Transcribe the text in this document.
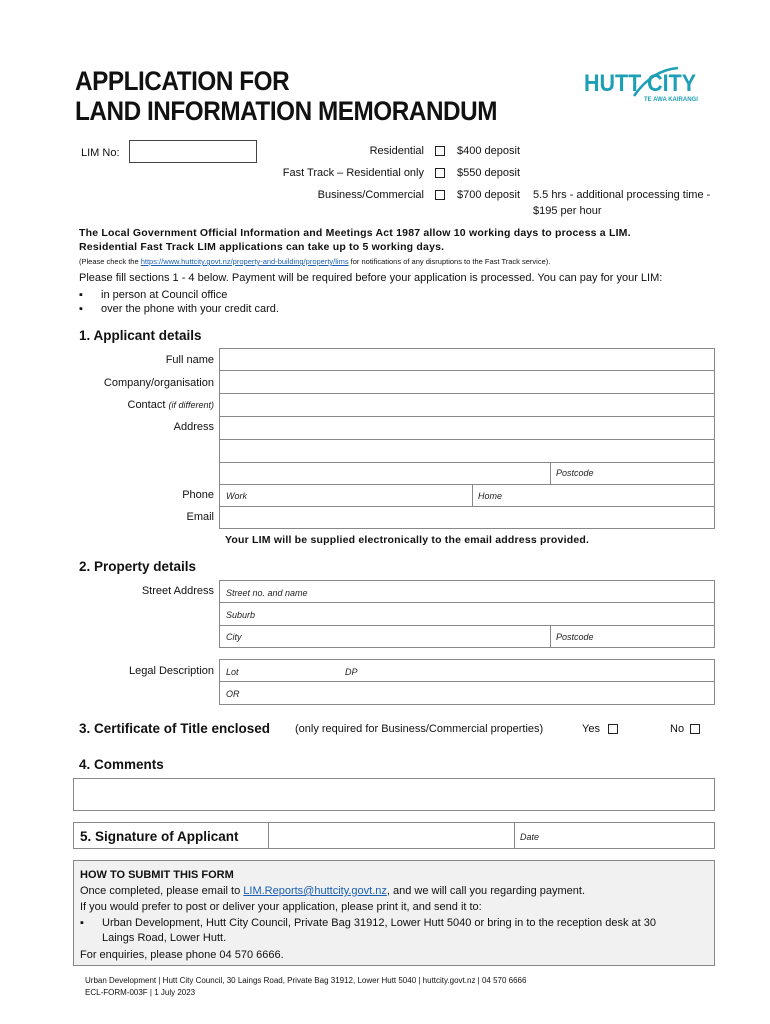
APPLICATION FOR
LAND INFORMATION MEMORANDUM
HUTT CITY
TE AWA KAIRANGI
LIM No:	Residential	$400 deposit
Fast Track – Residential only	$550 deposit
Business/Commercial	$700 deposit 5.5 hrs - additional processing time -
$195 per hour
The Local Government Official Information and Meetings Act 1987 allow 10 working days to process a LIM.
Residential Fast Track LIM applications can take up to 5 working days.
(Please check the https://www.huttcity.govt.nz/property-and-building/property/lims for notifications of any disruptions to the Fast Track service).
Please fill sections 1 - 4 below. Payment will be required before your application is processed. You can pay for your LIM:
▪ in person at Council office
▪ over the phone with your credit card.
1. Applicant details
Full name
Company/organisation
Contact (if different)
Address
Postcode
Phone Work	Home
Email
Your LIM will be supplied electronically to the email address provided.
2. Property details
Street Address Street no. and name
Suburb
City	Postcode
Legal Description Lot	DP
OR
3. Certificate of Title enclosed (only required for Business/Commercial properties)	Yes	No
4. Comments
5. Signature of Applicant	Date
HOW TO SUBMIT THIS FORM
Once completed, please email to LIM.Reports@huttcity.govt.nz, and we will call you regarding payment.
If you would prefer to post or deliver your application, please print it, and send it to:
▪ Urban Development, Hutt City Council, Private Bag 31912, Lower Hutt 5040 or bring in to the reception desk at 30
Laings Road, Lower Hutt.
For enquiries, please phone 04 570 6666.
Urban Development | Hutt City Council, 30 Laings Road, Private Bag 31912, Lower Hutt 5040 | huttcity.govt.nz | 04 570 6666
ECL-FORM-003F | 1 July 2023
